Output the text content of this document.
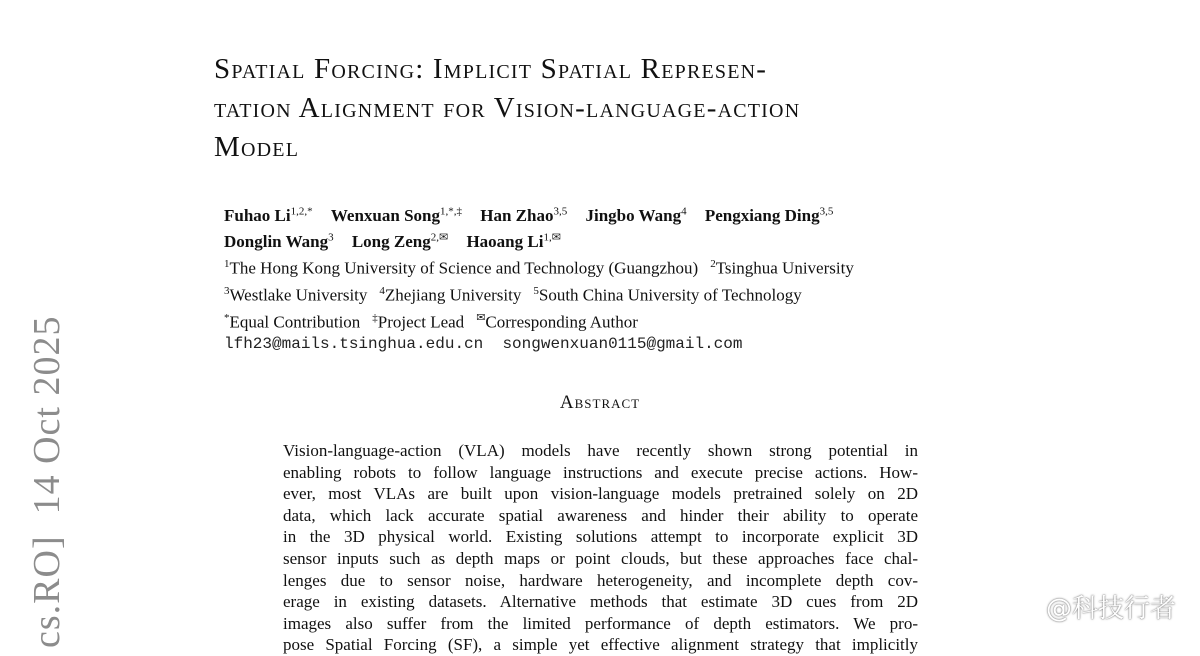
Spatial Forcing: Implicit Spatial Represen-
tation Alignment for Vision-language-action
Model
Fuhao $Li^{1,2,*}$ Wenxuan Song$^{1,*,\ddagger}$ Han Zhao$^{3,5}$ Jingbo Wang$^4$ Pengxiang Ding$^{3,5}$
Donglin Wang$^3$ Long Zeng$^{2,✉}$ Haoang $Li^{1,✉}$
$^1$The Hong Kong University of Science and Technology (Guangzhou) $^2$Tsinghua University
$^3$Westlake University $^4$Zhejiang University $^5$South China University of Technology
*Equal Contribution ‡Project Lead ✉Corresponding Author
lfh23@mails.tsinghua.edu.cn  songwenxuan0115@gmail.com
Abstract
Vision-language-action (VLA) models have recently shown strong potential in
enabling robots to follow language instructions and execute precise actions. How-
ever, most VLAs are built upon vision-language models pretrained solely on 2D
data, which lack accurate spatial awareness and hinder their ability to operate
in the 3D physical world. Existing solutions attempt to incorporate explicit 3D
sensor inputs such as depth maps or point clouds, but these approaches face chal-
lenges due to sensor noise, hardware heterogeneity, and incomplete depth cov-
erage in existing datasets. Alternative methods that estimate 3D cues from 2D
images also suffer from the limited performance of depth estimators. We pro-
pose Spatial Forcing (SF), a simple yet effective alignment strategy that implicitly
cs.RO]  14 Oct 2025	@科技行者
